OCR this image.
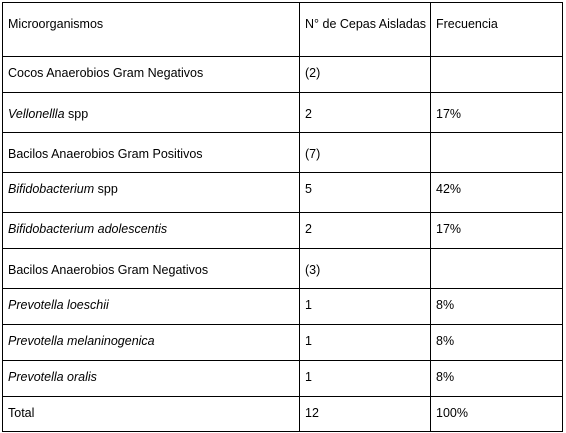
Microorganismos	N° de Cepas Aisladas	Frecuencia

Cocos Anaerobios Gram Negativos	(2)	

Vellonellla spp	2	17%

Bacilos Anaerobios Gram Positivos	(7)	

Bifidobacterium spp	5	42%

Bifidobacterium adolescentis	2	17%

Bacilos Anaerobios Gram Negativos	(3)	

Prevotella loeschii	1	8%

Prevotella melaninogenica	1	8%

Prevotella oralis	1	8%

Total	12	100%
